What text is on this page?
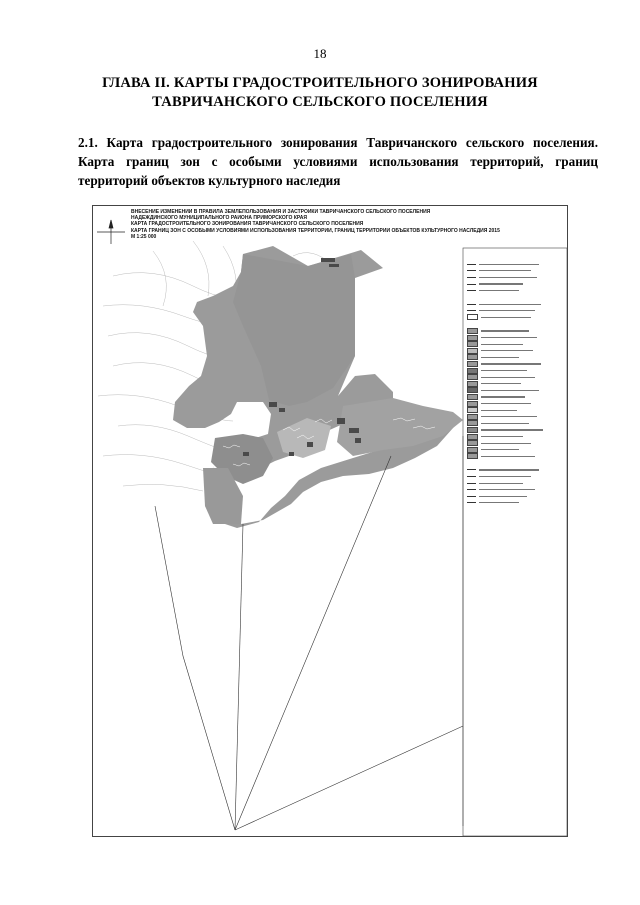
18
ГЛАВА II. КАРТЫ ГРАДОСТРОИТЕЛЬНОГО ЗОНИРОВАНИЯ
ТАВРИЧАНСКОГО СЕЛЬСКОГО ПОСЕЛЕНИЯ
2.1. Карта градостроительного зонирования Тавричанского сельского поселения. Карта границ зон с особыми условиями использования территорий, границ территорий объектов культурного наследия
ВНЕСЕНИЕ ИЗМЕНЕНИЙ В ПРАВИЛА ЗЕМЛЕПОЛЬЗОВАНИЯ И ЗАСТРОЙКИ ТАВРИЧАНСКОГО СЕЛЬСКОГО ПОСЕЛЕНИЯ
НАДЕЖДИНСКОГО МУНИЦИПАЛЬНОГО РАЙОНА ПРИМОРСКОГО КРАЯ
КАРТА ГРАДОСТРОИТЕЛЬНОГО ЗОНИРОВАНИЯ ТАВРИЧАНСКОГО СЕЛЬСКОГО ПОСЕЛЕНИЯ
КАРТА ГРАНИЦ ЗОН С ОСОБЫМИ УСЛОВИЯМИ ИСПОЛЬЗОВАНИЯ ТЕРРИТОРИЙ, ГРАНИЦ ТЕРРИТОРИЙ ОБЪЕКТОВ КУЛЬТУРНОГО НАСЛЕДИЯ 2015
М 1:25 000
